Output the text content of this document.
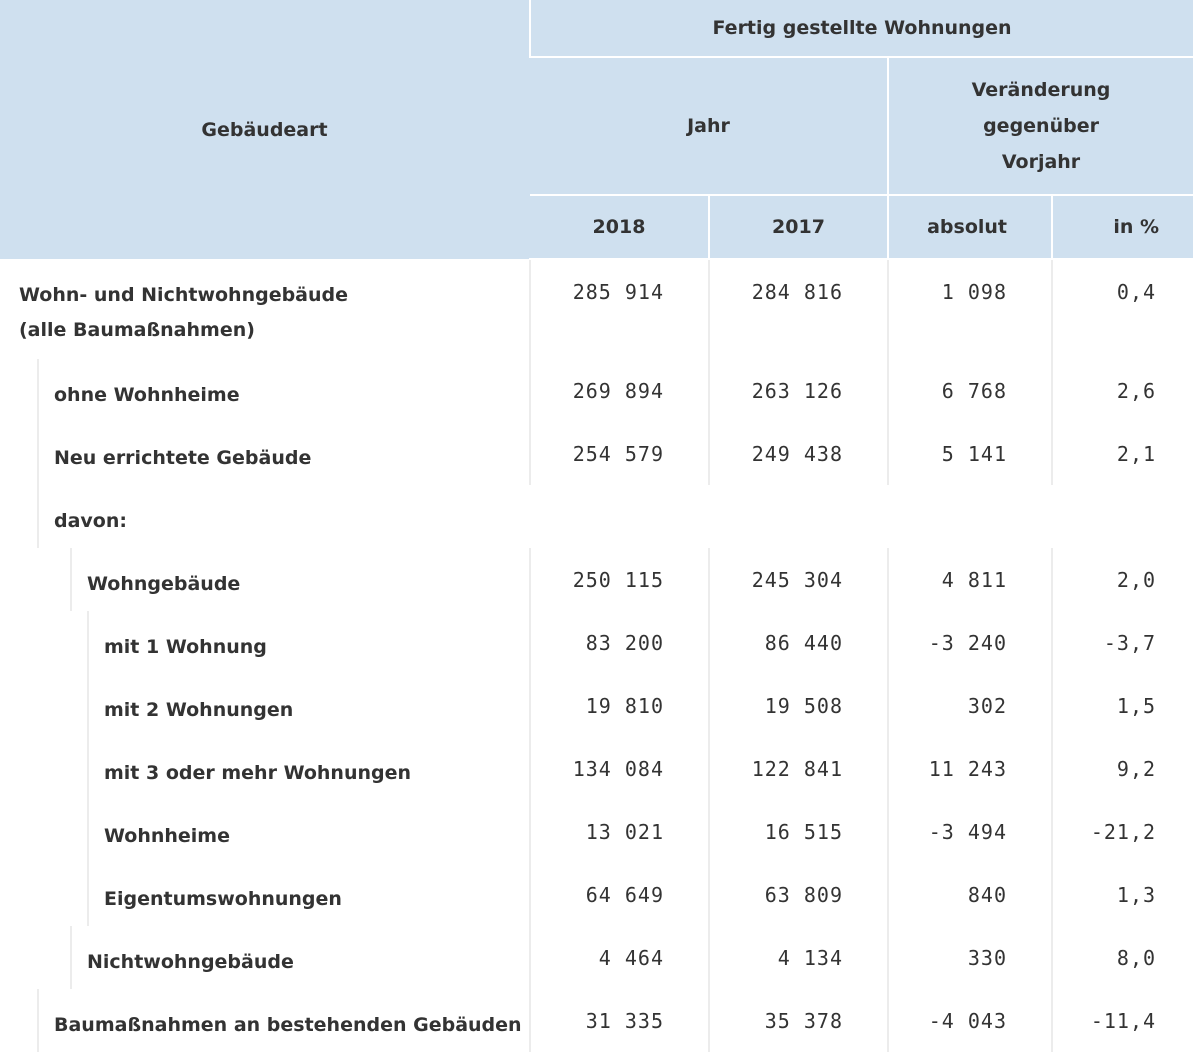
Gebäudeart	Fertig gestellte Wohnungen			
	Jahr		Veränderung
gegenüber
Vorjahr	
	2018	2017	absolut	in %

Wohn- und Nichtwohngebäude
(alle Baumaßnahmen)	285 914	284 816	1 098	0,4

ohne Wohnheime	269 894	263 126	6 768	2,6

Neu errichtete Gebäude	254 579	249 438	5 141	2,1

davon:				

Wohngebäude	250 115	245 304	4 811	2,0

mit 1 Wohnung	83 200	86 440	-3 240	-3,7

mit 2 Wohnungen	19 810	19 508	302	1,5

mit 3 oder mehr Wohnungen	134 084	122 841	11 243	9,2

Wohnheime	13 021	16 515	-3 494	-21,2

Eigentumswohnungen	64 649	63 809	840	1,3

Nichtwohngebäude	4 464	4 134	330	8,0

Baumaßnahmen an bestehenden Gebäuden	31 335	35 378	-4 043	-11,4
